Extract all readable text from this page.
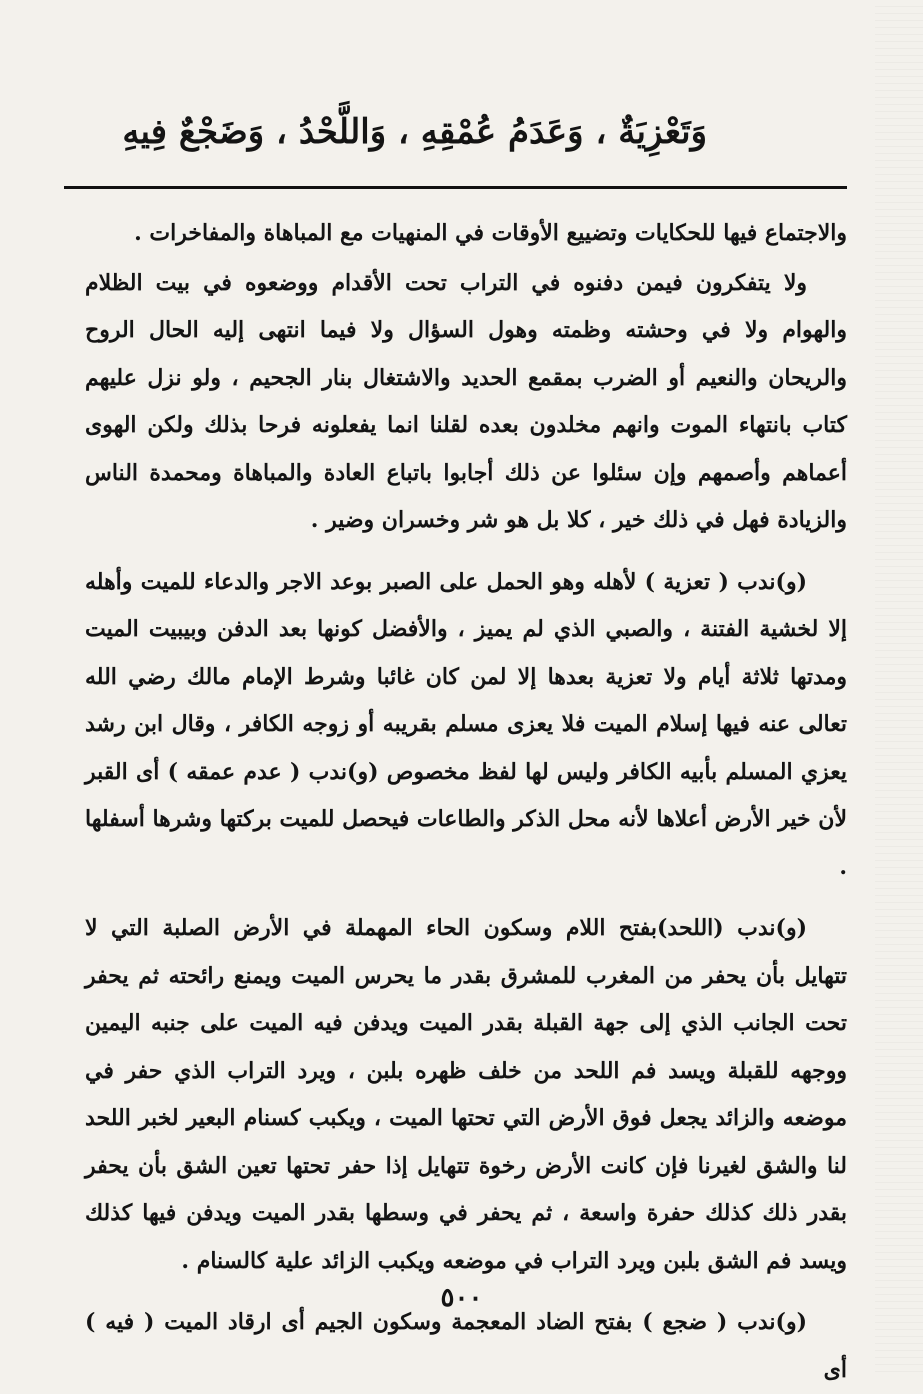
وَتَعْزِيَةٌ ، وَعَدَمُ عُمْقِهِ ، وَاللَّحْدُ ، وَضَجْعٌ فِيهِ

والاجتماع فيها للحكايات وتضييع الأوقات في المنهيات مع المباهاة والمفاخرات .

ولا يتفكرون فيمن دفنوه في التراب تحت الأقدام ووضعوه في بيت الظلام والهوام ولا في وحشته وظمته وهول السؤال ولا فيما انتهى إليه الحال الروح والريحان والنعيم أو الضرب بمقمع الحديد والاشتغال بنار الجحيم ، ولو نزل عليهم كتاب بانتهاء الموت وانهم مخلدون بعده لقلنا انما يفعلونه فرحا بذلك ولكن الهوى أعماهم وأصمهم وإن سئلوا عن ذلك أجابوا باتباع العادة والمباهاة ومحمدة الناس والزيادة فهل في ذلك خير ، كلا بل هو شر وخسران وضير .

(و)ندب ( تعزية ) لأهله وهو الحمل على الصبر بوعد الاجر والدعاء للميت وأهله إلا لخشية الفتنة ، والصبي الذي لم يميز ، والأفضل كونها بعد الدفن وبيبيت الميت ومدتها ثلاثة أيام ولا تعزية بعدها إلا لمن كان غائبا وشرط الإمام مالك رضي الله تعالى عنه فيها إسلام الميت فلا يعزى مسلم بقريبه أو زوجه الكافر ، وقال ابن رشد يعزي المسلم بأبيه الكافر وليس لها لفظ مخصوص (و)ندب ( عدم عمقه ) أى القبر لأن خير الأرض أعلاها لأنه محل الذكر والطاعات فيحصل للميت بركتها وشرها أسفلها .

(و)ندب (اللحد)بفتح اللام وسكون الحاء المهملة في الأرض الصلبة التي لا تتهايل بأن يحفر من المغرب للمشرق بقدر ما يحرس الميت ويمنع رائحته ثم يحفر تحت الجانب الذي إلى جهة القبلة بقدر الميت ويدفن فيه الميت على جنبه اليمين ووجهه للقبلة ويسد فم اللحد من خلف ظهره بلبن ، ويرد التراب الذي حفر في موضعه والزائد يجعل فوق الأرض التي تحتها الميت ، ويكبب كسنام البعير لخبر اللحد لنا والشق لغيرنا فإن كانت الأرض رخوة تتهايل إذا حفر تحتها تعين الشق بأن يحفر بقدر ذلك كذلك حفرة واسعة ، ثم يحفر في وسطها بقدر الميت ويدفن فيها كذلك ويسد فم الشق بلبن ويرد التراب في موضعه ويكبب الزائد علية كالسنام .

(و)ندب ( ضجع ) بفتح الضاد المعجمة وسكون الجيم أى ارقاد الميت ( فيه ) أى

٥٠٠
